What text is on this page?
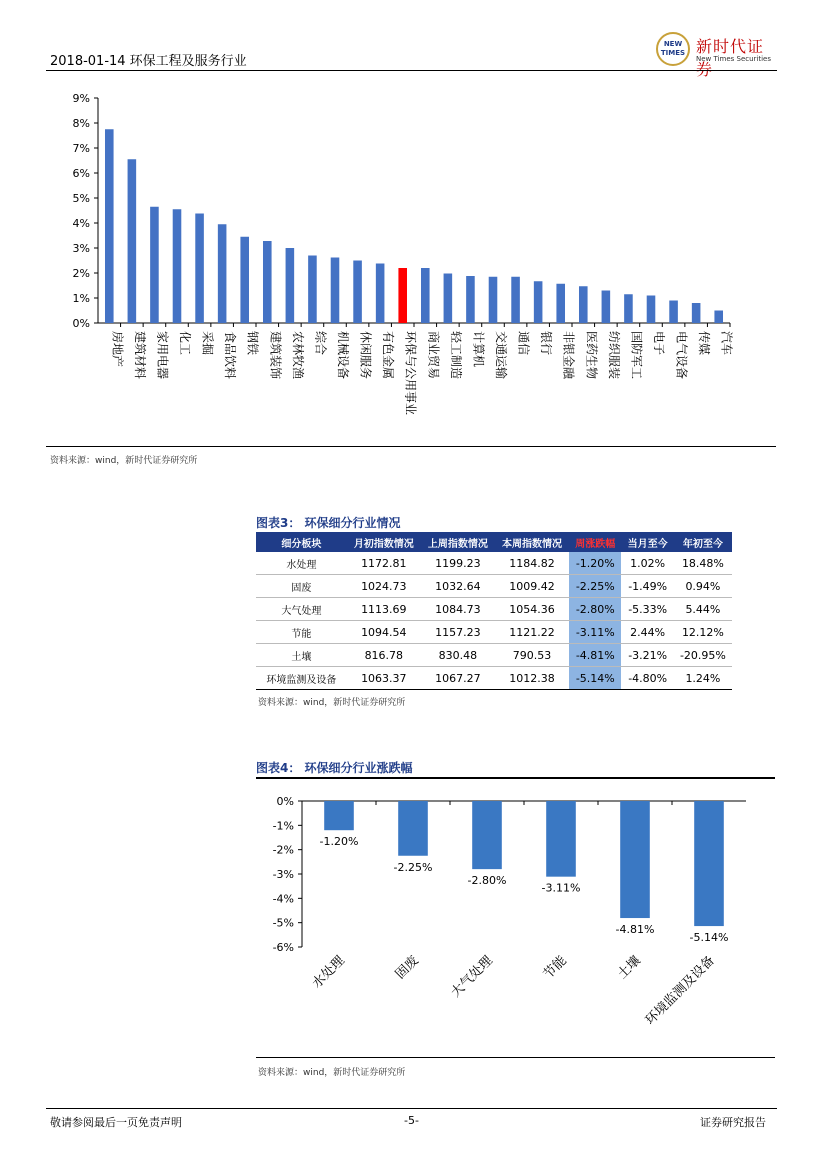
2018-01-14 环保工程及服务行业
NEW TIMES 新时代证券
New Times Securities
0%
1%
2%
3%
4%
5%
6%
7%
8%
9%
房地产 建筑材料 家用电器 化工 采掘 食品饮料 钢铁 建筑装饰 农林牧渔 综合 机械设备 休闲服务 有色金属 环保与公用事业 商业贸易 轻工制造 计算机 交通运输 通信 银行 非银金融 医药生物 纺织服装 国防军工 电子 电气设备 传媒 汽车
资料来源：wind，新时代证券研究所
图表3： 环保细分行业情况
细分板块	月初指数情况	上周指数情况	本周指数情况	周涨跌幅	当月至今	年初至今
水处理	1172.81	1199.23	1184.82	-1.20%	1.02%	18.48%
固废	1024.73	1032.64	1009.42	-2.25%	-1.49%	0.94%
大气处理	1113.69	1084.73	1054.36	-2.80%	-5.33%	5.44%
节能	1094.54	1157.23	1121.22	-3.11%	2.44%	12.12%
土壤	816.78	830.48	790.53	-4.81%	-3.21%	-20.95%
环境监测及设备	1063.37	1067.27	1012.38	-5.14%	-4.80%	1.24%
资料来源：wind，新时代证券研究所
图表4： 环保细分行业涨跌幅
0%
-1%
-2%
-3%
-4%
-5%
-6%
-1.20%
水处理
-2.25%
固废
-2.80%
大气处理
-3.11%
节能
-4.81%
土壤
-5.14%
环境监测及设备
资料来源：wind，新时代证券研究所
敬请参阅最后一页免责声明	-5-	证券研究报告
